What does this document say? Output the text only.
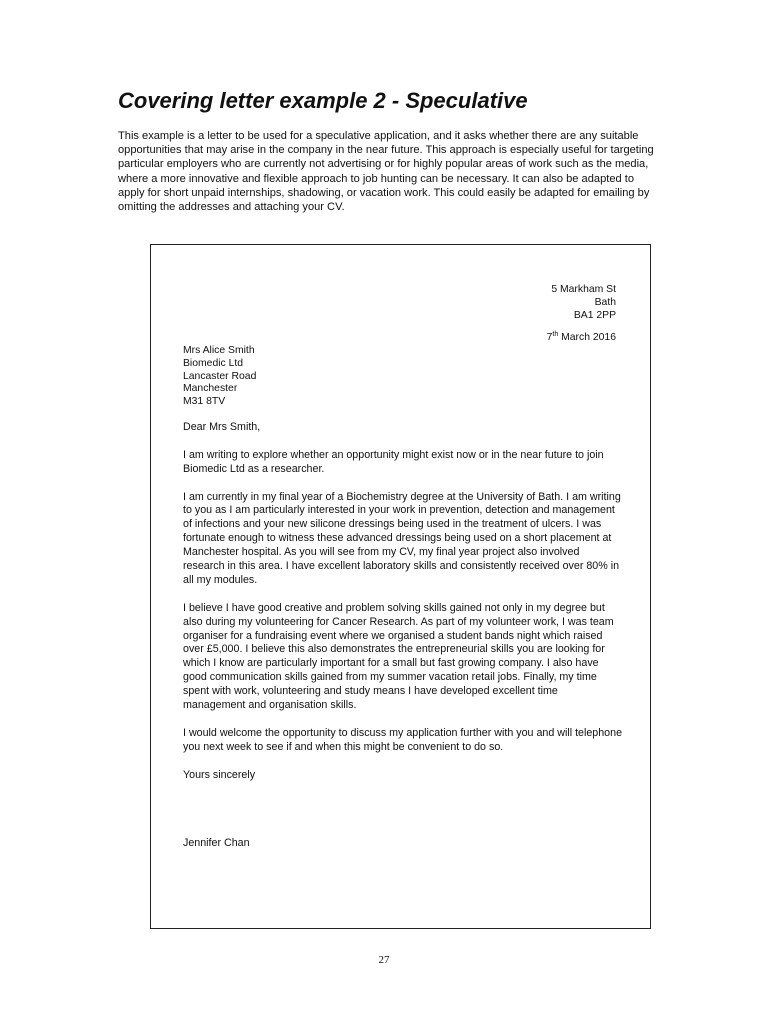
Covering letter example 2 - Speculative
This example is a letter to be used for a speculative application, and it asks whether there are any suitable opportunities that may arise in the company in the near future. This approach is especially useful for targeting particular employers who are currently not advertising or for highly popular areas of work such as the media, where a more innovative and flexible approach to job hunting can be necessary. It can also be adapted to apply for short unpaid internships, shadowing, or vacation work. This could easily be adapted for emailing by omitting the addresses and attaching your CV.
5 Markham St
Bath
BA1 2PP
7th March 2016
Mrs Alice Smith
Biomedic Ltd
Lancaster Road
Manchester
M31 8TV

Dear Mrs Smith,

I am writing to explore whether an opportunity might exist now or in the near future to join Biomedic Ltd as a researcher.

I am currently in my final year of a Biochemistry degree at the University of Bath. I am writing to you as I am particularly interested in your work in prevention, detection and management of infections and your new silicone dressings being used in the treatment of ulcers. I was fortunate enough to witness these advanced dressings being used on a short placement at Manchester hospital. As you will see from my CV, my final year project also involved research in this area. I have excellent laboratory skills and consistently received over 80% in all my modules.

I believe I have good creative and problem solving skills gained not only in my degree but also during my volunteering for Cancer Research. As part of my volunteer work, I was team organiser for a fundraising event where we organised a student bands night which raised over £5,000. I believe this also demonstrates the entrepreneurial skills you are looking for which I know are particularly important for a small but fast growing company. I also have good communication skills gained from my summer vacation retail jobs. Finally, my time spent with work, volunteering and study means I have developed excellent time management and organisation skills.

I would welcome the opportunity to discuss my application further with you and will telephone you next week to see if and when this might be convenient to do so.

Yours sincerely

Jennifer Chan

27
